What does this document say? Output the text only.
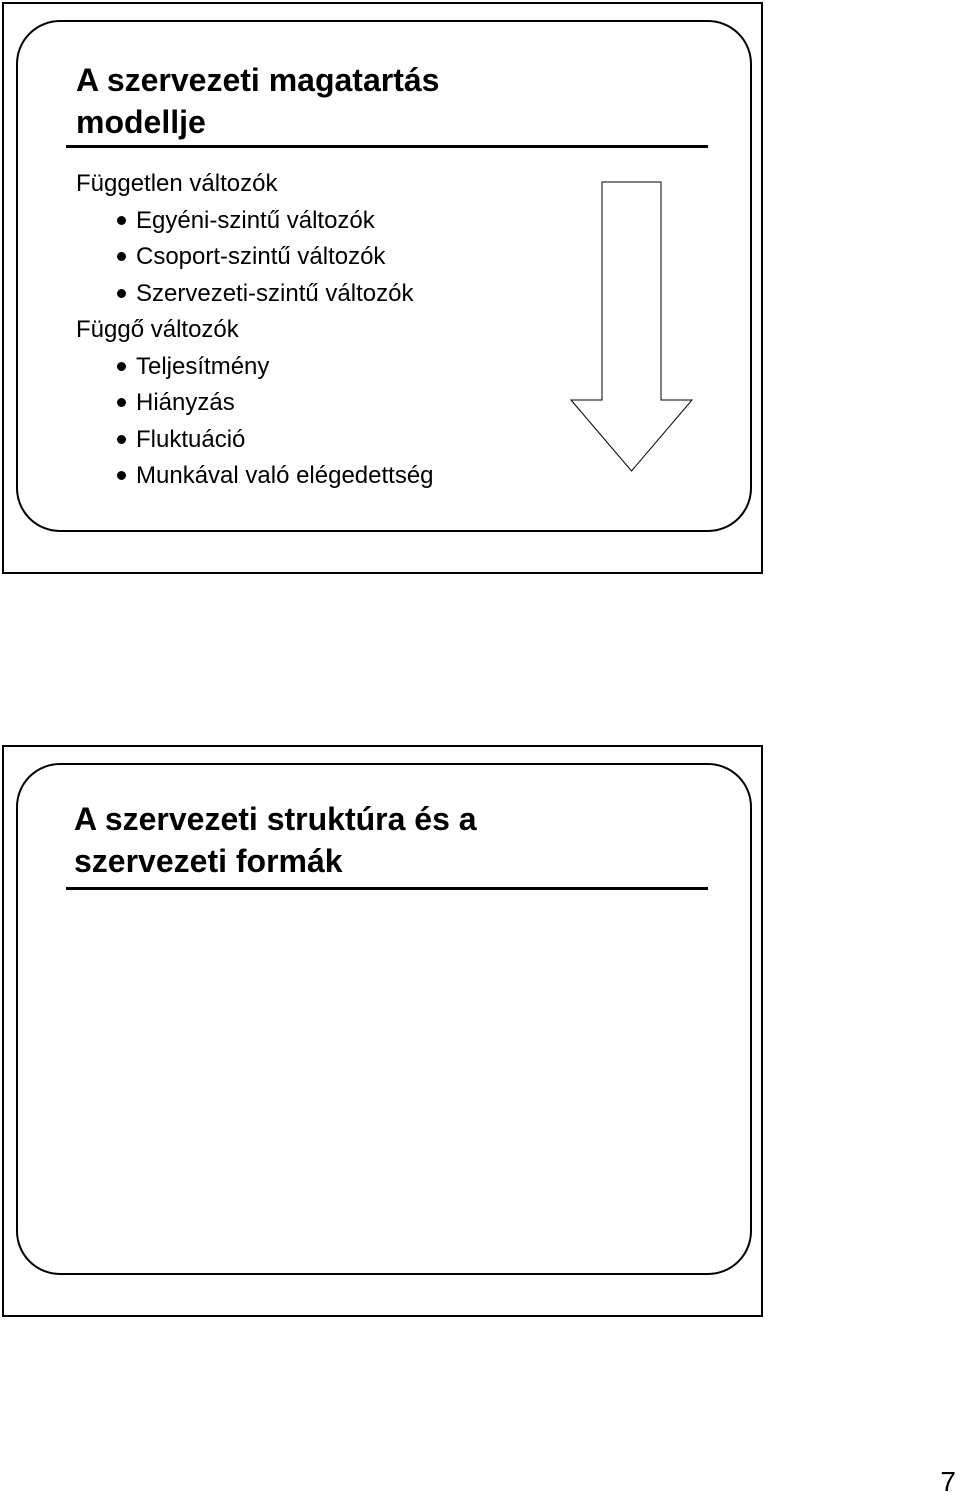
A szervezeti magatartás
modellje
Független változók
Egyéni-szintű változók
Csoport-szintű változók
Szervezeti-szintű változók
Függő változók
Teljesítmény
Hiányzás
Fluktuáció
Munkával való elégedettség
A szervezeti struktúra és a
szervezeti formák
7
